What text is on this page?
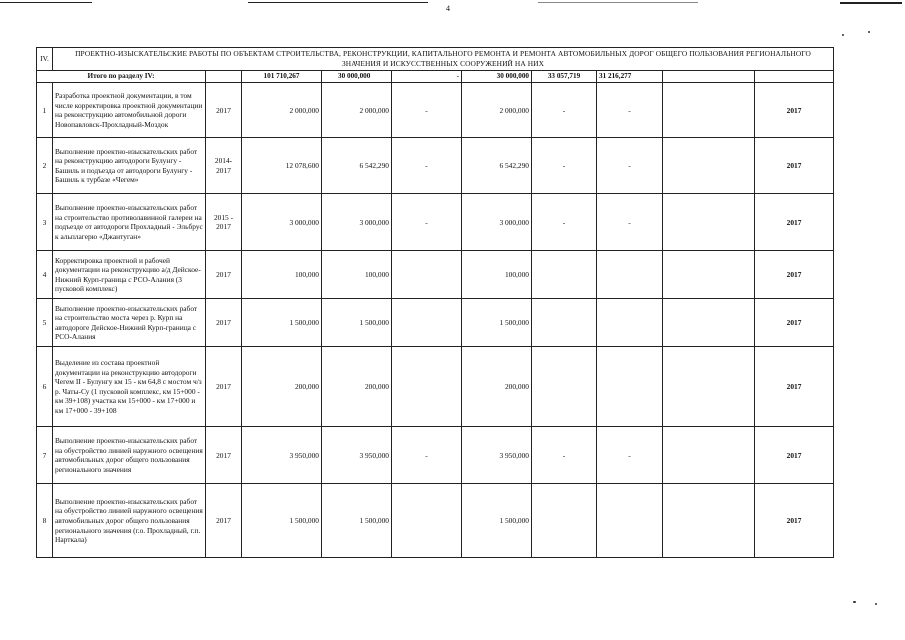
4
IV.	ПРОЕКТНО-ИЗЫСКАТЕЛЬСКИЕ РАБОТЫ ПО ОБЪЕКТАМ СТРОИТЕЛЬСТВА, РЕКОНСТРУКЦИИ, КАПИТАЛЬНОГО РЕМОНТА И РЕМОНТА АВТОМОБИЛЬНЫХ ДОРОГ ОБЩЕГО ПОЛЬЗОВАНИЯ РЕГИОНАЛЬНОГО ЗНАЧЕНИЯ И ИСКУССТВЕННЫХ СООРУЖЕНИЙ НА НИХ									
Итого по разделу IV:			101 710,267	30 000,000	-	30 000,000	33 057,719	31 216,277		
1	Разработка проектной документации, в том числе корректировка проектной документации на реконструкцию автомобильной дороги Новопавловск-Прохладный-Моздок	2017	2 000,000	2 000,000	-	2 000,000	-	-		2017
2	Выполнение проектно-изыскательских работ на реконструкцию автодороги Булунгу - Башиль и подъезда от автодороги Булунгу - Башиль к турбазе «Чегем»	2014-2017	12 078,600	6 542,290	-	6 542,290	-	-		2017
3	Выполнение проектно-изыскательских работ на строительство противолавинной галереи на подъезде от автодороги Прохладный - Эльбрус к альплагерю «Джантуган»	2015 - 2017	3 000,000	3 000,000	-	3 000,000	-	-		2017
4	Корректировка проектной и рабочей документации на реконструкцию а/д Дейское-Нижний Курп-граница с РСО-Алания (3 пусковой комплекс)	2017	100,000	100,000		100,000				2017
5	Выполнение проектно-изыскательских работ на строительство моста через р. Курп на автодороге Дейское-Нижний Курп-граница с РСО-Алания	2017	1 500,000	1 500,000		1 500,000				2017
6	Выделение из состава проектной документации на реконструкцию автодороги Чегем II - Булунгу км 15 - км 64,8 с мостом ч/з р. Чаты-Су (1 пусковой комплекс, км 15+000 - км 39+108) участка км 15+000 - км 17+000 и км 17+000 - 39+108	2017	200,000	200,000		200,000				2017
7	Выполнение проектно-изыскательских работ на обустройство линией наружного освещения автомобильных дорог общего пользования регионального значения	2017	3 950,000	3 950,000	-	3 950,000	-	-		2017
8	Выполнение проектно-изыскательских работ на обустройство линией наружного освещения автомобильных дорог общего пользования регионального значения (г.о. Прохладный, г.п. Нарткала)	2017	1 500,000	1 500,000		1 500,000				2017
